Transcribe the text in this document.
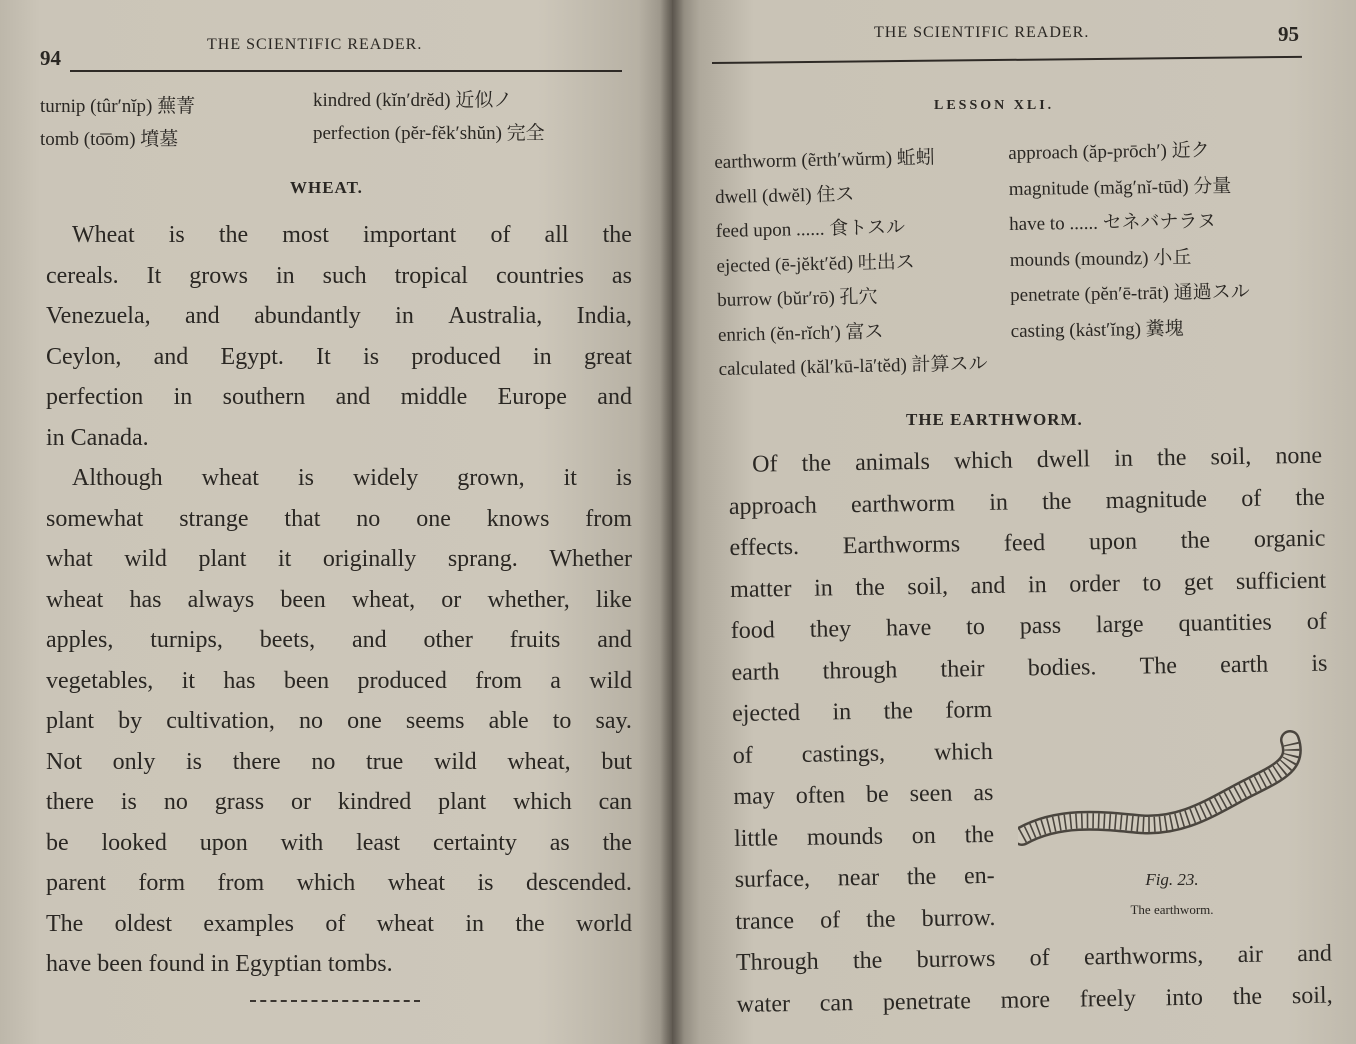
94
THE SCIENTIFIC READER.
turnip (tûr′nĭp) 蕪菁
tomb (to͞om) 墳墓
kindred (kĭn′drĕd) 近似ノ
perfection (pĕr-fĕk′shŭn) 完全
WHEAT.
Wheat is the most important of all the
cereals. It grows in such tropical countries as
Venezuela, and abundantly in Australia, India,
Ceylon, and Egypt. It is produced in great
perfection in southern and middle Europe and
in Canada.
Although wheat is widely grown, it is
somewhat strange that no one knows from
what wild plant it originally sprang. Whether
wheat has always been wheat, or whether, like
apples, turnips, beets, and other fruits and
vegetables, it has been produced from a wild
plant by cultivation, no one seems able to say.
Not only is there no true wild wheat, but
there is no grass or kindred plant which can
be looked upon with least certainty as the
parent form from which wheat is descended.
The oldest examples of wheat in the world
have been found in Egyptian tombs.
THE SCIENTIFIC READER.	95
LESSON XLI.
earthworm (ẽrth′wŭrm) 蚯蚓
dwell (dwĕl) 住ス
feed upon ...... 食トスル
ejected (ē-jĕkt′ĕd) 吐出ス
burrow (bŭr′rō) 孔穴
enrich (ĕn-rĭch′) 富ス
calculated (kăl′kū-lā′tĕd) 計算スル
approach (ăp-prōch′) 近ク
magnitude (măg′nĭ-tūd) 分量
have to ...... セネバナラヌ
mounds (moundz) 小丘
penetrate (pĕn′ē-trāt) 通過スル
casting (kȧst′ĭng) 糞塊
THE EARTHWORM.
Of the animals which dwell in the soil, none
approach earthworm in the magnitude of the
effects. Earthworms feed upon the organic
matter in the soil, and in order to get sufficient
food they have to pass large quantities of
earth through their bodies. The earth is
ejected in the form
of castings, which
may often be seen as
little mounds on the
surface, near the en-
trance of the burrow.
Through the burrows of earthworms, air and
water can penetrate more freely into the soil,
Fig. 23.
The earthworm.
